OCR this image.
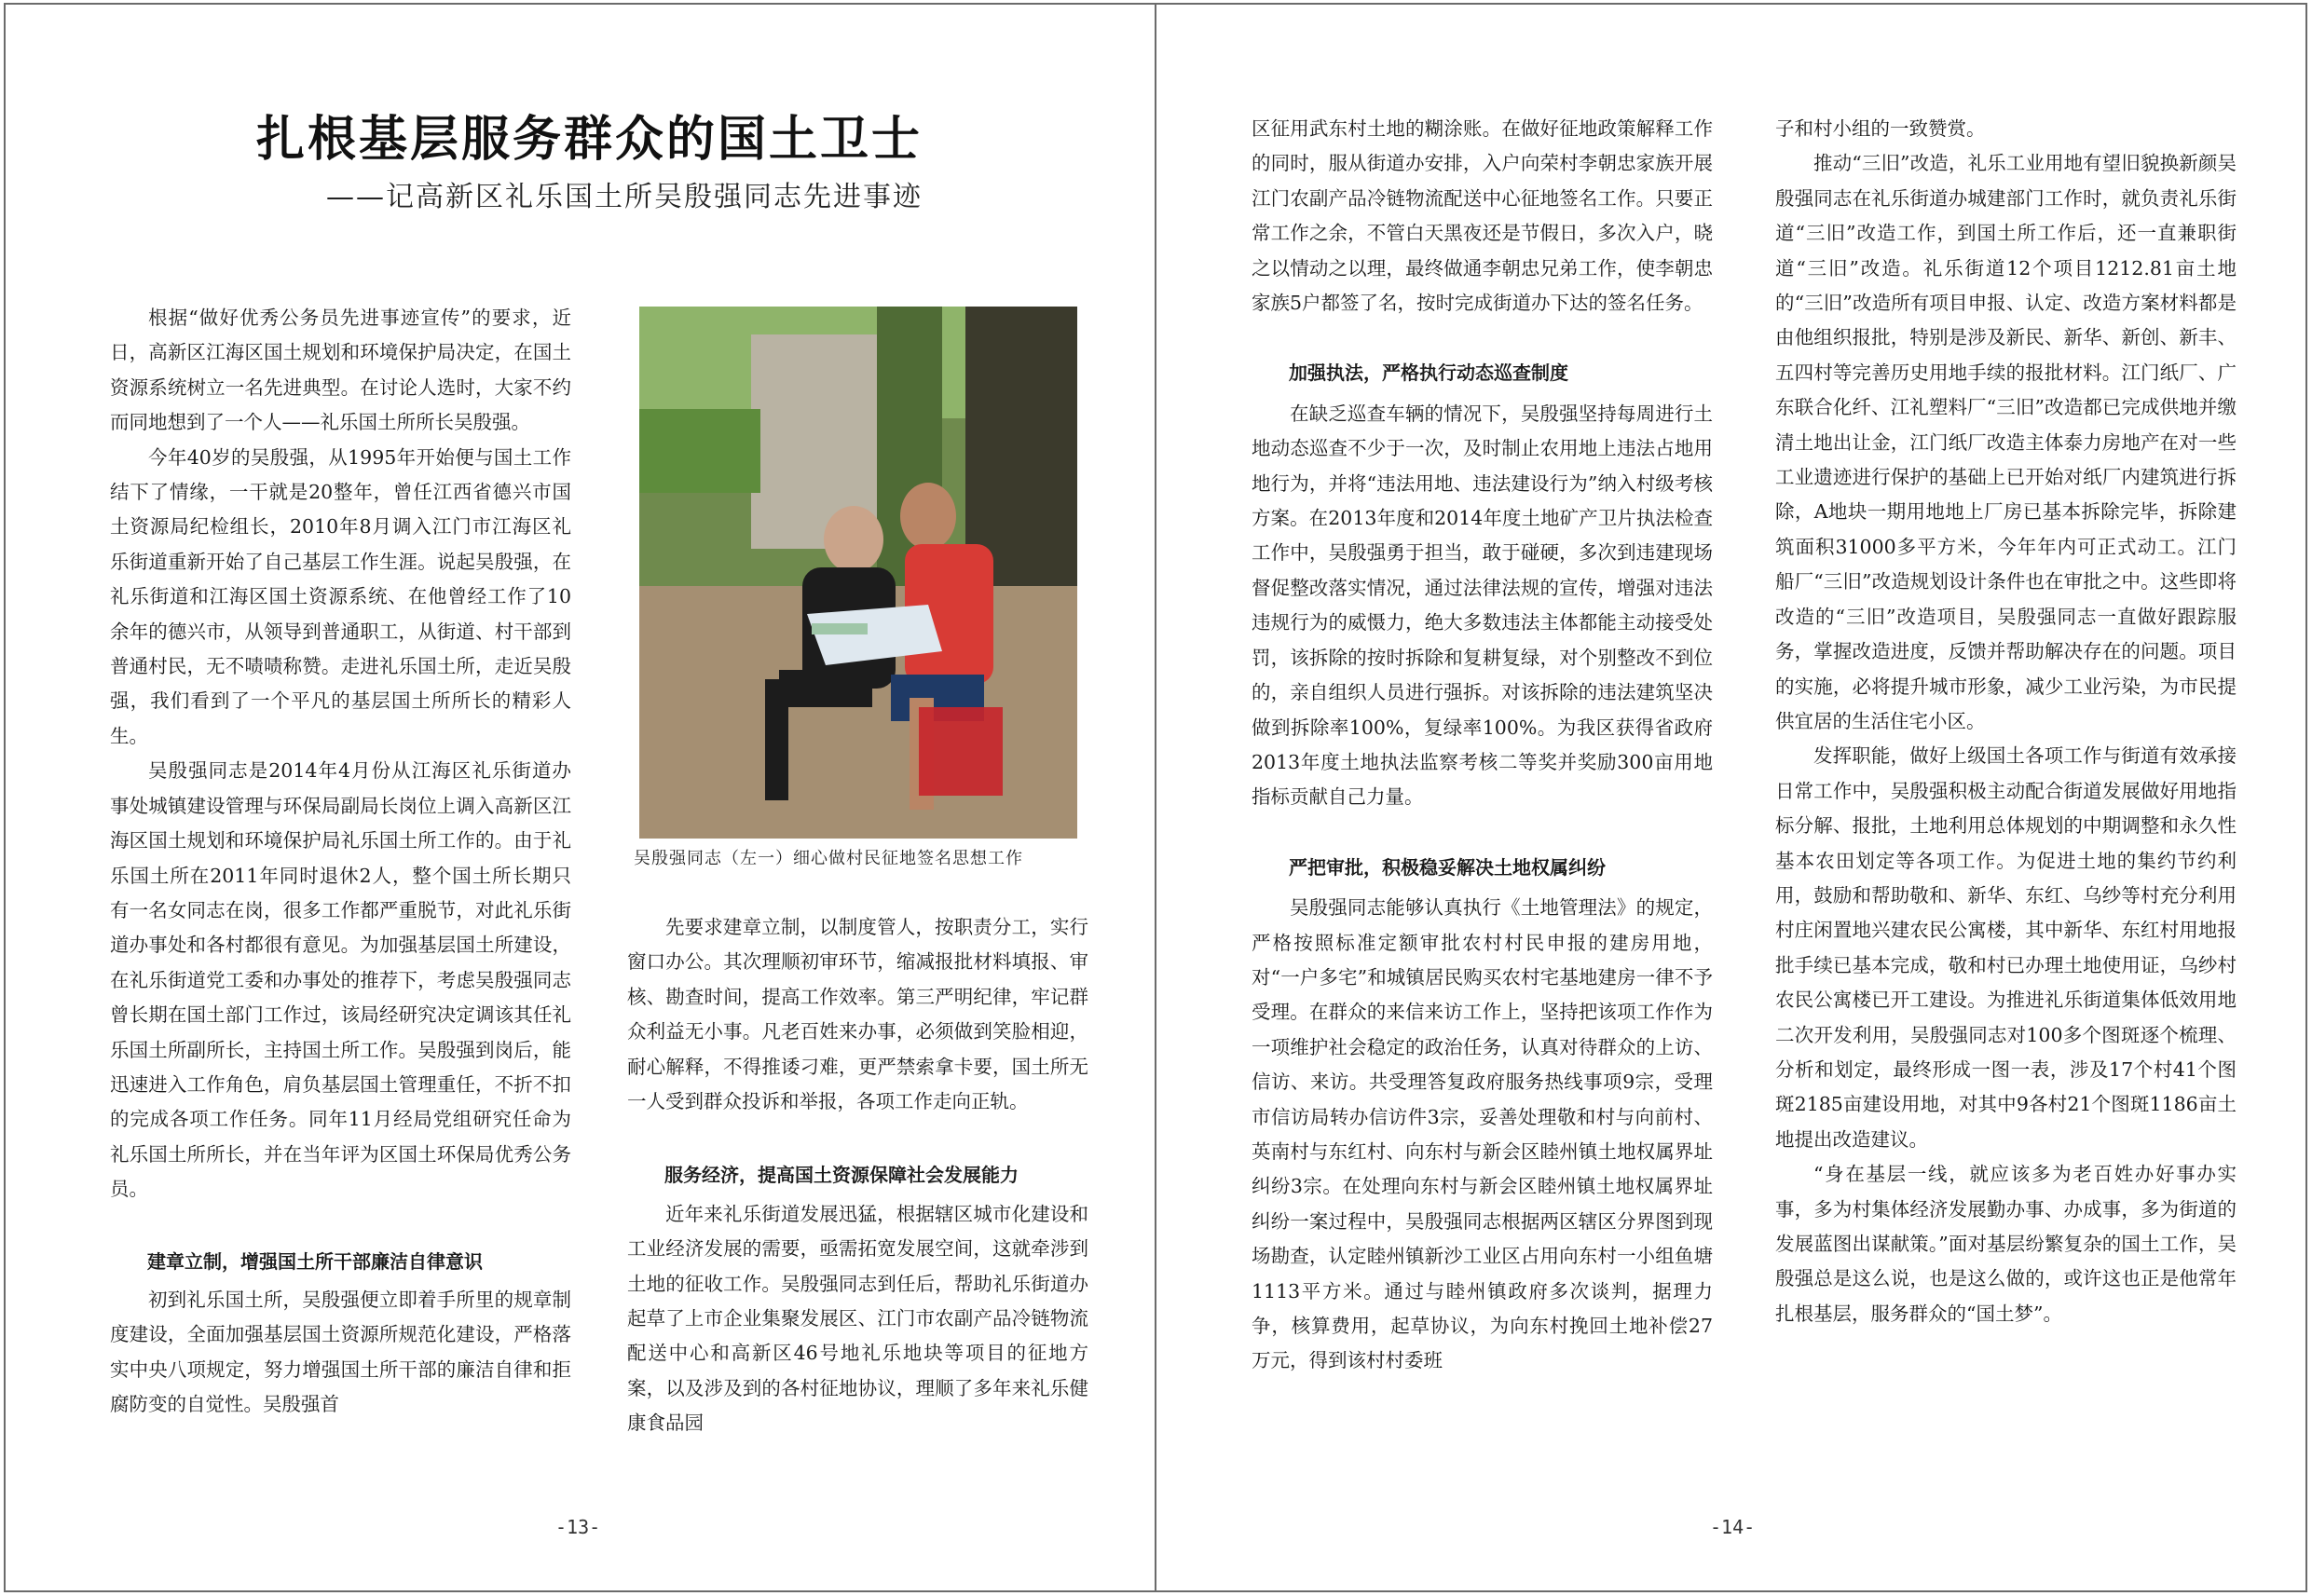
扎根基层服务群众的国土卫士
——记高新区礼乐国土所吴殷强同志先进事迹

根据“做好优秀公务员先进事迹宣传”的要求，近日，高新区江海区国土规划和环境保护局决定，在国土资源系统树立一名先进典型。在讨论人选时，大家不约而同地想到了一个人——礼乐国土所所长吴殷强。

今年40岁的吴殷强，从1995年开始便与国土工作结下了情缘，一干就是20整年，曾任江西省德兴市国土资源局纪检组长，2010年8月调入江门市江海区礼乐街道重新开始了自己基层工作生涯。说起吴殷强，在礼乐街道和江海区国土资源系统、在他曾经工作了10余年的德兴市，从领导到普通职工，从街道、村干部到普通村民，无不啧啧称赞。走进礼乐国土所，走近吴殷强，我们看到了一个平凡的基层国土所所长的精彩人生。

吴殷强同志是2014年4月份从江海区礼乐街道办事处城镇建设管理与环保局副局长岗位上调入高新区江海区国土规划和环境保护局礼乐国土所工作的。由于礼乐国土所在2011年同时退休2人，整个国土所长期只有一名女同志在岗，很多工作都严重脱节，对此礼乐街道办事处和各村都很有意见。为加强基层国土所建设，在礼乐街道党工委和办事处的推荐下，考虑吴殷强同志曾长期在国土部门工作过，该局经研究决定调该其任礼乐国土所副所长，主持国土所工作。吴殷强到岗后，能迅速进入工作角色，肩负基层国土管理重任，不折不扣的完成各项工作任务。同年11月经局党组研究任命为礼乐国土所所长，并在当年评为区国土环保局优秀公务员。

建章立制，增强国土所干部廉洁自律意识

初到礼乐国土所，吴殷强便立即着手所里的规章制度建设，全面加强基层国土资源所规范化建设，严格落实中央八项规定，努力增强国土所干部的廉洁自律和拒腐防变的自觉性。吴殷强首

吴殷强同志（左一）细心做村民征地签名思想工作

先要求建章立制，以制度管人，按职责分工，实行窗口办公。其次理顺初审环节，缩减报批材料填报、审核、勘查时间，提高工作效率。第三严明纪律，牢记群众利益无小事。凡老百姓来办事，必须做到笑脸相迎，耐心解释，不得推诿刁难，更严禁索拿卡要，国土所无一人受到群众投诉和举报，各项工作走向正轨。

服务经济，提高国土资源保障社会发展能力

近年来礼乐街道发展迅猛，根据辖区城市化建设和工业经济发展的需要，亟需拓宽发展空间，这就牵涉到土地的征收工作。吴殷强同志到任后，帮助礼乐街道办起草了上市企业集聚发展区、江门市农副产品冷链物流配送中心和高新区46号地礼乐地块等项目的征地方案，以及涉及到的各村征地协议，理顺了多年来礼乐健康食品园

区征用武东村土地的糊涂账。在做好征地政策解释工作的同时，服从街道办安排，入户向荣村李朝忠家族开展江门农副产品冷链物流配送中心征地签名工作。只要正常工作之余，不管白天黑夜还是节假日，多次入户，晓之以情动之以理，最终做通李朝忠兄弟工作，使李朝忠家族5户都签了名，按时完成街道办下达的签名任务。

加强执法，严格执行动态巡查制度

在缺乏巡查车辆的情况下，吴殷强坚持每周进行土地动态巡查不少于一次，及时制止农用地上违法占地用地行为，并将“违法用地、违法建设行为”纳入村级考核方案。在2013年度和2014年度土地矿产卫片执法检查工作中，吴殷强勇于担当，敢于碰硬，多次到违建现场督促整改落实情况，通过法律法规的宣传，增强对违法违规行为的威慑力，绝大多数违法主体都能主动接受处罚，该拆除的按时拆除和复耕复绿，对个别整改不到位的，亲自组织人员进行强拆。对该拆除的违法建筑坚决做到拆除率100%，复绿率100%。为我区获得省政府2013年度土地执法监察考核二等奖并奖励300亩用地指标贡献自己力量。

严把审批，积极稳妥解决土地权属纠纷

吴殷强同志能够认真执行《土地管理法》的规定，严格按照标准定额审批农村村民申报的建房用地，对“一户多宅”和城镇居民购买农村宅基地建房一律不予受理。在群众的来信来访工作上，坚持把该项工作作为一项维护社会稳定的政治任务，认真对待群众的上访、信访、来访。共受理答复政府服务热线事项9宗，受理市信访局转办信访件3宗，妥善处理敬和村与向前村、英南村与东红村、向东村与新会区睦州镇土地权属界址纠纷3宗。在处理向东村与新会区睦州镇土地权属界址纠纷一案过程中，吴殷强同志根据两区辖区分界图到现场勘查，认定睦州镇新沙工业区占用向东村一小组鱼塘1113平方米。通过与睦州镇政府多次谈判，据理力争，核算费用，起草协议，为向东村挽回土地补偿27万元，得到该村村委班

子和村小组的一致赞赏。

推动“三旧”改造，礼乐工业用地有望旧貌换新颜吴殷强同志在礼乐街道办城建部门工作时，就负责礼乐街道“三旧”改造工作，到国土所工作后，还一直兼职街道“三旧”改造。礼乐街道12个项目1212.81亩土地的“三旧”改造所有项目申报、认定、改造方案材料都是由他组织报批，特别是涉及新民、新华、新创、新丰、五四村等完善历史用地手续的报批材料。江门纸厂、广东联合化纤、江礼塑料厂“三旧”改造都已完成供地并缴清土地出让金，江门纸厂改造主体泰力房地产在对一些工业遗迹进行保护的基础上已开始对纸厂内建筑进行拆除，A地块一期用地地上厂房已基本拆除完毕，拆除建筑面积31000多平方米，今年年内可正式动工。江门船厂“三旧”改造规划设计条件也在审批之中。这些即将改造的“三旧”改造项目，吴殷强同志一直做好跟踪服务，掌握改造进度，反馈并帮助解决存在的问题。项目的实施，必将提升城市形象，减少工业污染，为市民提供宜居的生活住宅小区。

发挥职能，做好上级国土各项工作与街道有效承接日常工作中，吴殷强积极主动配合街道发展做好用地指标分解、报批，土地利用总体规划的中期调整和永久性基本农田划定等各项工作。为促进土地的集约节约利用，鼓励和帮助敬和、新华、东红、乌纱等村充分利用村庄闲置地兴建农民公寓楼，其中新华、东红村用地报批手续已基本完成，敬和村已办理土地使用证，乌纱村农民公寓楼已开工建设。为推进礼乐街道集体低效用地二次开发利用，吴殷强同志对100多个图斑逐个梳理、分析和划定，最终形成一图一表，涉及17个村41个图斑2185亩建设用地，对其中9各村21个图斑1186亩土地提出改造建议。

“身在基层一线，就应该多为老百姓办好事办实事，多为村集体经济发展勤办事、办成事，多为街道的发展蓝图出谋献策。”面对基层纷繁复杂的国土工作，吴殷强总是这么说，也是这么做的，或许这也正是他常年扎根基层，服务群众的“国土梦”。

-13-	-14-
